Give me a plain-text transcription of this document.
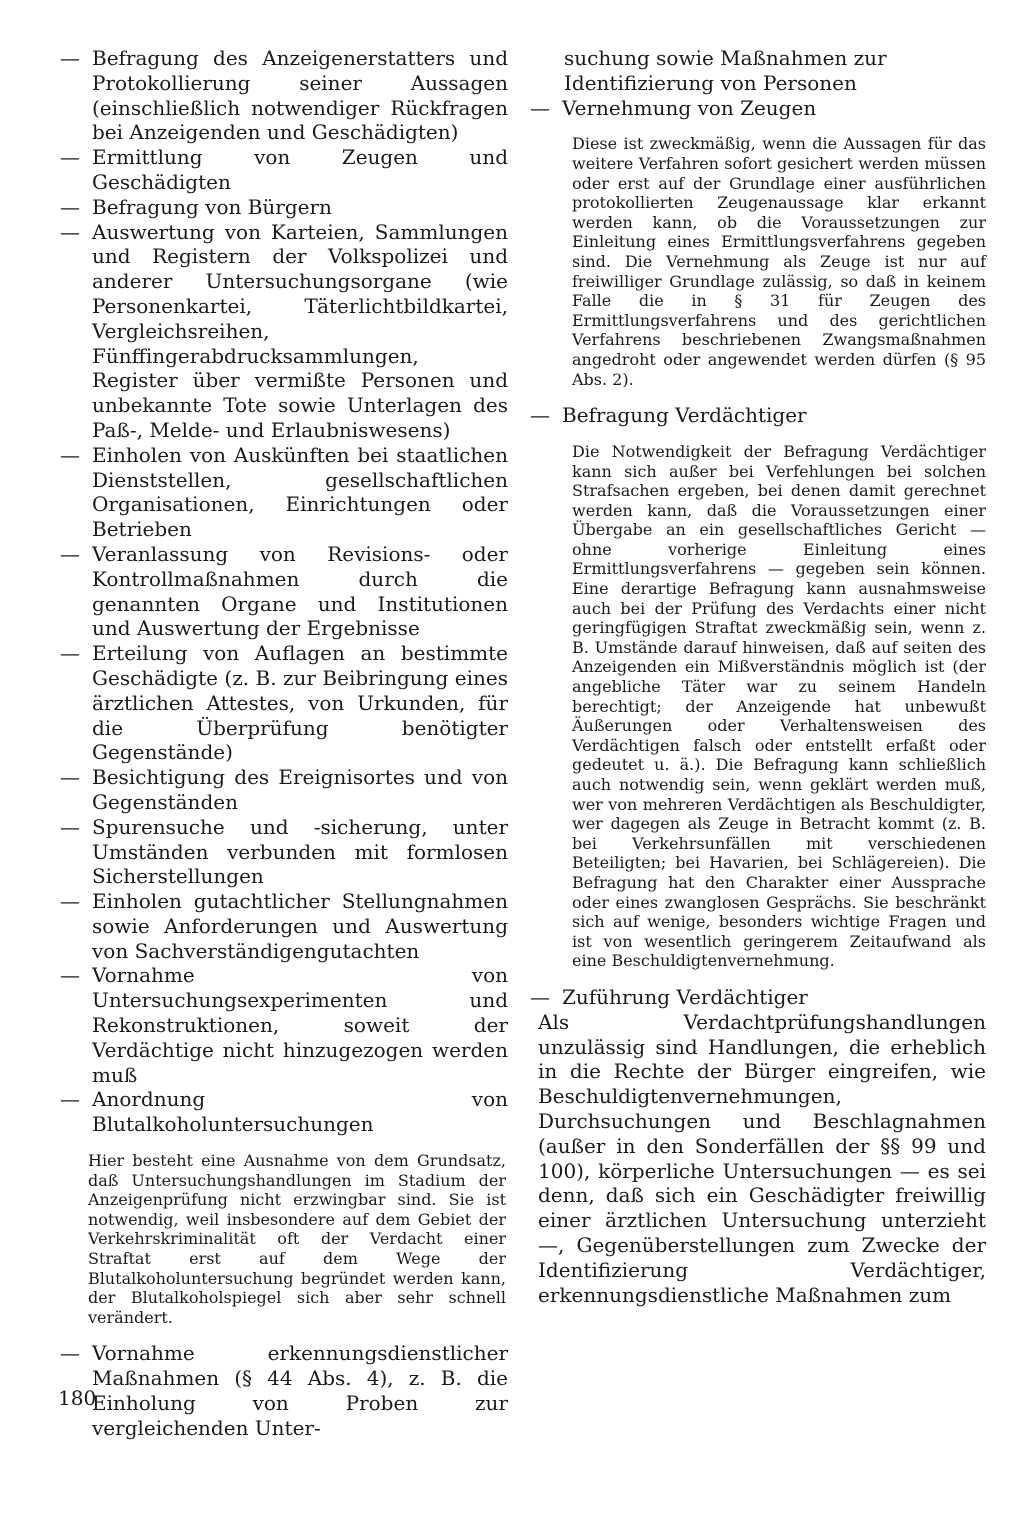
— Befragung des Anzeigenerstatters und Protokollierung seiner Aussagen (einschließlich notwendiger Rückfragen bei Anzeigenden und Geschädigten)
— Ermittlung von Zeugen und Geschädigten
— Befragung von Bürgern
— Auswertung von Karteien, Sammlungen und Registern der Volkspolizei und anderer Untersuchungsorgane (wie Personenkartei, Täterlichtbildkartei, Vergleichsreihen, Fünffingerabdrucksammlungen, Register über vermißte Personen und unbekannte Tote sowie Unterlagen des Paß-, Melde- und Erlaubniswesens)
— Einholen von Auskünften bei staatlichen Dienststellen, gesellschaftlichen Organisationen, Einrichtungen oder Betrieben
— Veranlassung von Revisions- oder Kontrollmaßnahmen durch die genannten Organe und Institutionen und Auswertung der Ergebnisse
— Erteilung von Auflagen an bestimmte Geschädigte (z. B. zur Beibringung eines ärztlichen Attestes, von Urkunden, für die Überprüfung benötigter Gegenstände)
— Besichtigung des Ereignisortes und von Gegenständen
— Spurensuche und -sicherung, unter Umständen verbunden mit formlosen Sicherstellungen
— Einholen gutachtlicher Stellungnahmen sowie Anforderungen und Auswertung von Sachverständigengutachten
— Vornahme von Untersuchungsexperimenten und Rekonstruktionen, soweit der Verdächtige nicht hinzugezogen werden muß
— Anordnung von Blutalkoholuntersuchungen
Hier besteht eine Ausnahme von dem Grundsatz, daß Untersuchungshandlungen im Stadium der Anzeigenprüfung nicht erzwingbar sind. Sie ist notwendig, weil insbesondere auf dem Gebiet der Verkehrskriminalität oft der Verdacht einer Straftat erst auf dem Wege der Blutalkoholuntersuchung begründet werden kann, der Blutalkoholspiegel sich aber sehr schnell verändert.
— Vornahme erkennungsdienstlicher Maßnahmen (§ 44 Abs. 4), z. B. die Einholung von Proben zur vergleichenden Unter-
suchung sowie Maßnahmen zur Identifizierung von Personen
— Vernehmung von Zeugen
Diese ist zweckmäßig, wenn die Aussagen für das weitere Verfahren sofort gesichert werden müssen oder erst auf der Grundlage einer ausführlichen protokollierten Zeugenaussage klar erkannt werden kann, ob die Voraussetzungen zur Einleitung eines Ermittlungsverfahrens gegeben sind. Die Vernehmung als Zeuge ist nur auf freiwilliger Grundlage zulässig, so daß in keinem Falle die in § 31 für Zeugen des Ermittlungsverfahrens und des gerichtlichen Verfahrens beschriebenen Zwangsmaßnahmen angedroht oder angewendet werden dürfen (§ 95 Abs. 2).
— Befragung Verdächtiger
Die Notwendigkeit der Befragung Verdächtiger kann sich außer bei Verfehlungen bei solchen Strafsachen ergeben, bei denen damit gerechnet werden kann, daß die Voraussetzungen einer Übergabe an ein gesellschaftliches Gericht — ohne vorherige Einleitung eines Ermittlungsverfahrens — gegeben sein können. Eine derartige Befragung kann ausnahmsweise auch bei der Prüfung des Verdachts einer nicht geringfügigen Straftat zweckmäßig sein, wenn z. B. Umstände darauf hinweisen, daß auf seiten des Anzeigenden ein Mißverständnis möglich ist (der angebliche Täter war zu seinem Handeln berechtigt; der Anzeigende hat unbewußt Äußerungen oder Verhaltensweisen des Verdächtigen falsch oder entstellt erfaßt oder gedeutet u. ä.). Die Befragung kann schließlich auch notwendig sein, wenn geklärt werden muß, wer von mehreren Verdächtigen als Beschuldigter, wer dagegen als Zeuge in Betracht kommt (z. B. bei Verkehrsunfällen mit verschiedenen Beteiligten; bei Havarien, bei Schlägereien). Die Befragung hat den Charakter einer Aussprache oder eines zwanglosen Gesprächs. Sie beschränkt sich auf wenige, besonders wichtige Fragen und ist von wesentlich geringerem Zeitaufwand als eine Beschuldigtenvernehmung.
— Zuführung Verdächtiger
Als Verdachtprüfungshandlungen unzulässig sind Handlungen, die erheblich in die Rechte der Bürger eingreifen, wie Beschuldigtenvernehmungen, Durchsuchungen und Beschlagnahmen (außer in den Sonderfällen der §§ 99 und 100), körperliche Untersuchungen — es sei denn, daß sich ein Geschädigter freiwillig einer ärztlichen Untersuchung unterzieht —, Gegenüberstellungen zum Zwecke der Identifizierung Verdächtiger, erkennungsdienstliche Maßnahmen zum
180
